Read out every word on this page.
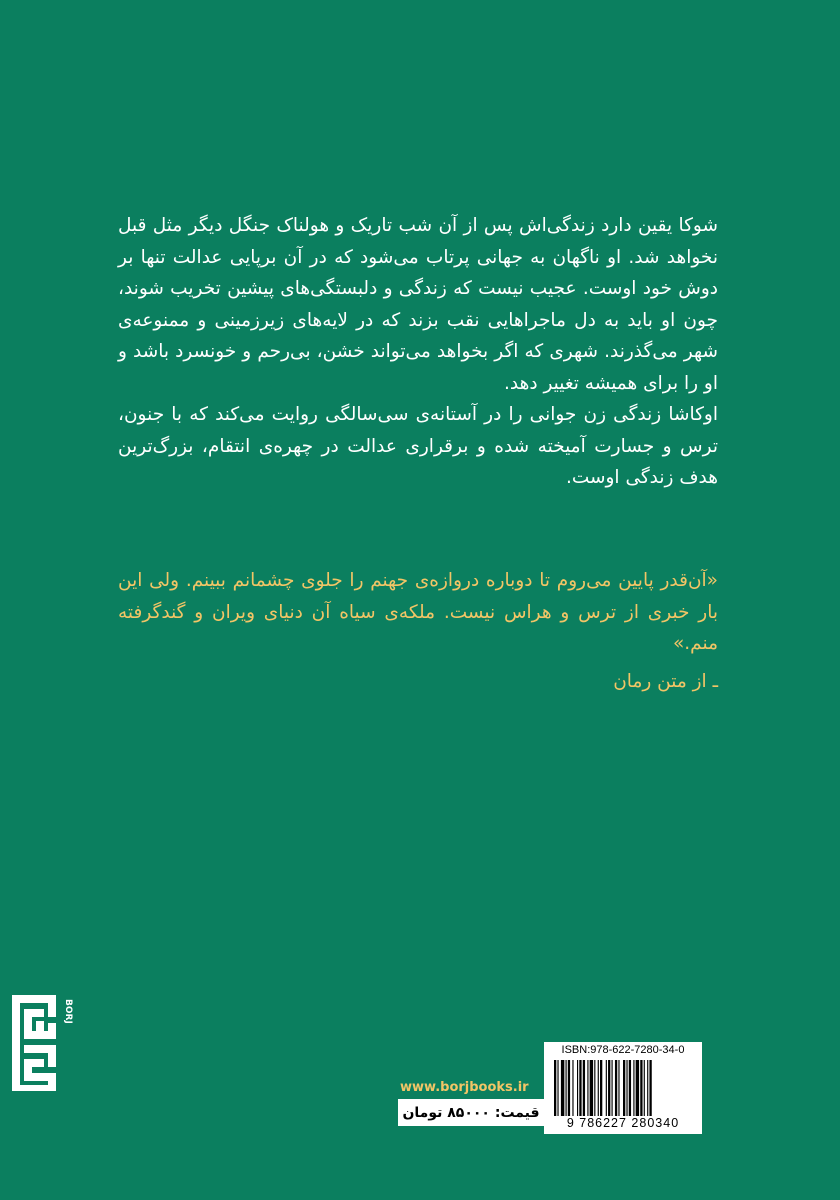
شوکا یقین دارد زندگی‌اش پس از آن شب تاریک و هولناک جنگل دیگر مثل قبل نخواهد شد. او ناگهان به جهانی پرتاب می‌شود که در آن برپایی عدالت تنها بر دوش خود اوست. عجیب نیست که زندگی و دلبستگی‌های پیشین تخریب شوند، چون او باید به دل ماجراهایی نقب بزند که در لایه‌های زیرزمینی و ممنوعه‌ی شهر می‌گذرند. شهری که اگر بخواهد می‌تواند خشن، بی‌رحم و خونسرد باشد و او را برای همیشه تغییر دهد.

اوکاشا زندگی زن جوانی را در آستانه‌ی سی‌سالگی روایت می‌کند که با جنون، ترس و جسارت آمیخته شده و برقراری عدالت در چهره‌ی انتقام، بزرگ‌ترین هدف زندگی اوست.

«آن‌قدر پایین می‌روم تا دوباره دروازه‌ی جهنم را جلوی چشمانم ببینم. ولی این بار خبری از ترس و هراس نیست. ملکه‌ی سیاه آن دنیای ویران و گندگرفته منم.»

ـ از متن رمان

BORJ
www.borjbooks.ir
قیمت: ۸۵۰۰۰ تومان
ISBN:978-622-7280-34-0
9 786227 280340
